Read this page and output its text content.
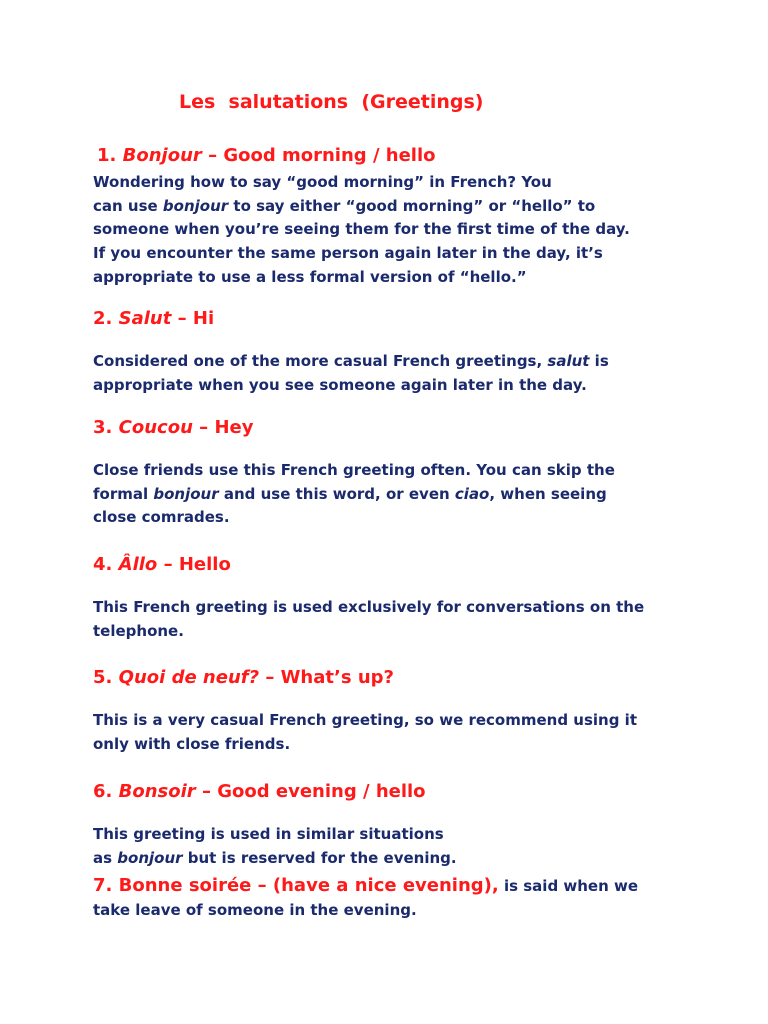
Les  salutations  (Greetings)
1. Bonjour – Good morning / hello
Wondering how to say “good morning” in French? You
can use bonjour to say either “good morning” or “hello” to
someone when you’re seeing them for the first time of the day.
If you encounter the same person again later in the day, it’s
appropriate to use a less formal version of “hello.”
2. Salut – Hi
Considered one of the more casual French greetings, salut is
appropriate when you see someone again later in the day.
3. Coucou – Hey
Close friends use this French greeting often. You can skip the
formal bonjour and use this word, or even ciao, when seeing
close comrades.
4. Âllo – Hello
This French greeting is used exclusively for conversations on the
telephone.
5. Quoi de neuf? – What’s up?
This is a very casual French greeting, so we recommend using it
only with close friends.
6. Bonsoir – Good evening / hello
This greeting is used in similar situations
as bonjour but is reserved for the evening.
7. Bonne soirée – (have a nice evening), is said when we
take leave of someone in the evening.
